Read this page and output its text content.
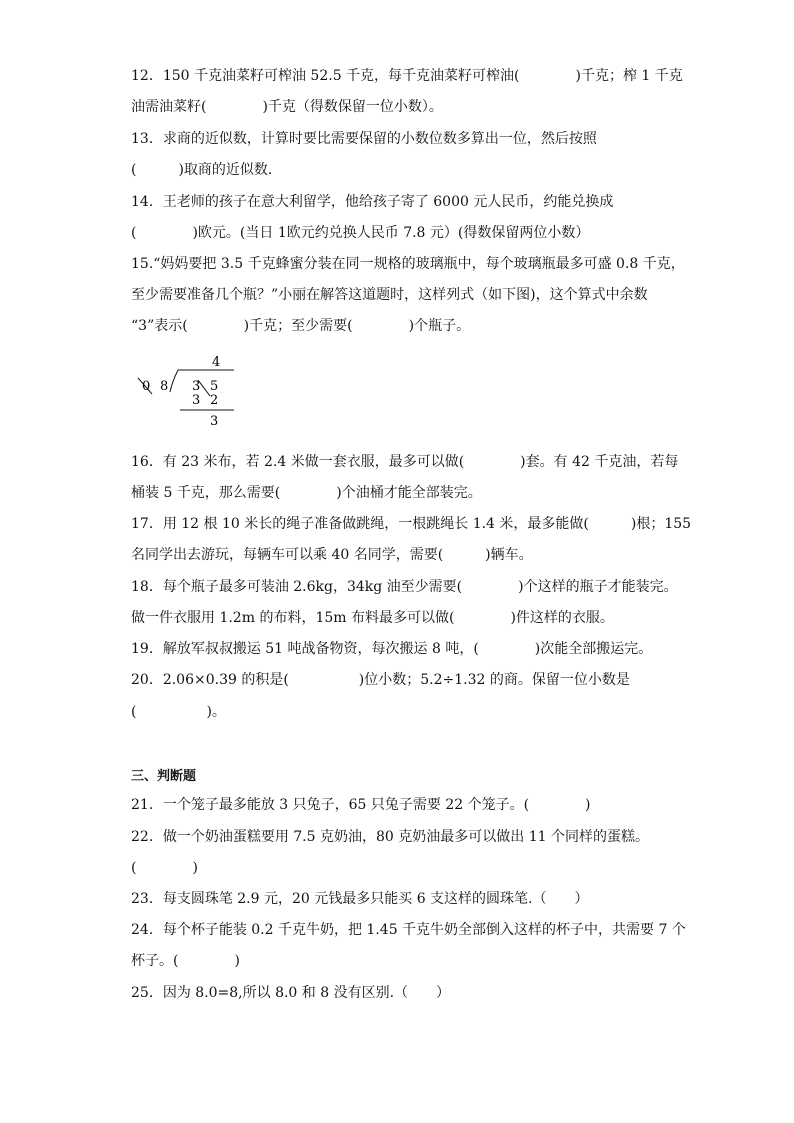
12．150 千克油菜籽可榨油 52.5 千克，每千克油菜籽可榨油(　　　　)千克；榨 1 千克
油需油菜籽(　　　　)千克（得数保留一位小数）。
13．求商的近似数，计算时要比需要保留的小数位数多算出一位，然后按照
(　　　)取商的近似数.
14．王老师的孩子在意大利留学，他给孩子寄了 6000 元人民币，约能兑换成
(　　　　)欧元。(当日 1欧元约兑换人民币 7.8 元）(得数保留两位小数）
15.“妈妈要把 3.5 千克蜂蜜分装在同一规格的玻璃瓶中，每个玻璃瓶最多可盛 0.8 千克，
至少需要准备几个瓶？”小丽在解答这道题时，这样列式（如下图)，这个算式中余数
“3”表示(　　　　)千克；至少需要(　　　　)个瓶子。
4
0 8 3 5
3 2
3
16．有 23 米布，若 2.4 米做一套衣服，最多可以做(　　　　)套。有 42 千克油，若每
桶装 5 千克，那么需要(　　　　)个油桶才能全部装完。
17．用 12 根 10 米长的绳子准备做跳绳，一根跳绳长 1.4 米，最多能做(　　　)根；155
名同学出去游玩，每辆车可以乘 40 名同学，需要(　　　)辆车。
18．每个瓶子最多可装油 2.6kg，34kg 油至少需要(　　　　)个这样的瓶子才能装完。
做一件衣服用 1.2m 的布料，15m 布料最多可以做(　　　　)件这样的衣服。
19．解放军叔叔搬运 51 吨战备物资，每次搬运 8 吨，(　　　　)次能全部搬运完。
20．2.06×0.39 的积是(　　　　　)位小数；5.2÷1.32 的商。保留一位小数是
(　　　　　)。
三、判断题
21．一个笼子最多能放 3 只兔子，65 只兔子需要 22 个笼子。(　　　　)
22．做一个奶油蛋糕要用 7.5 克奶油，80 克奶油最多可以做出 11 个同样的蛋糕。
(　　　　)
23．每支圆珠笔 2.9 元，20 元钱最多只能买 6 支这样的圆珠笔.（　　）
24．每个杯子能装 0.2 千克牛奶，把 1.45 千克牛奶全部倒入这样的杯子中，共需要 7 个
杯子。(　　　　)
25．因为 8.0=8,所以 8.0 和 8 没有区别.（　　）
